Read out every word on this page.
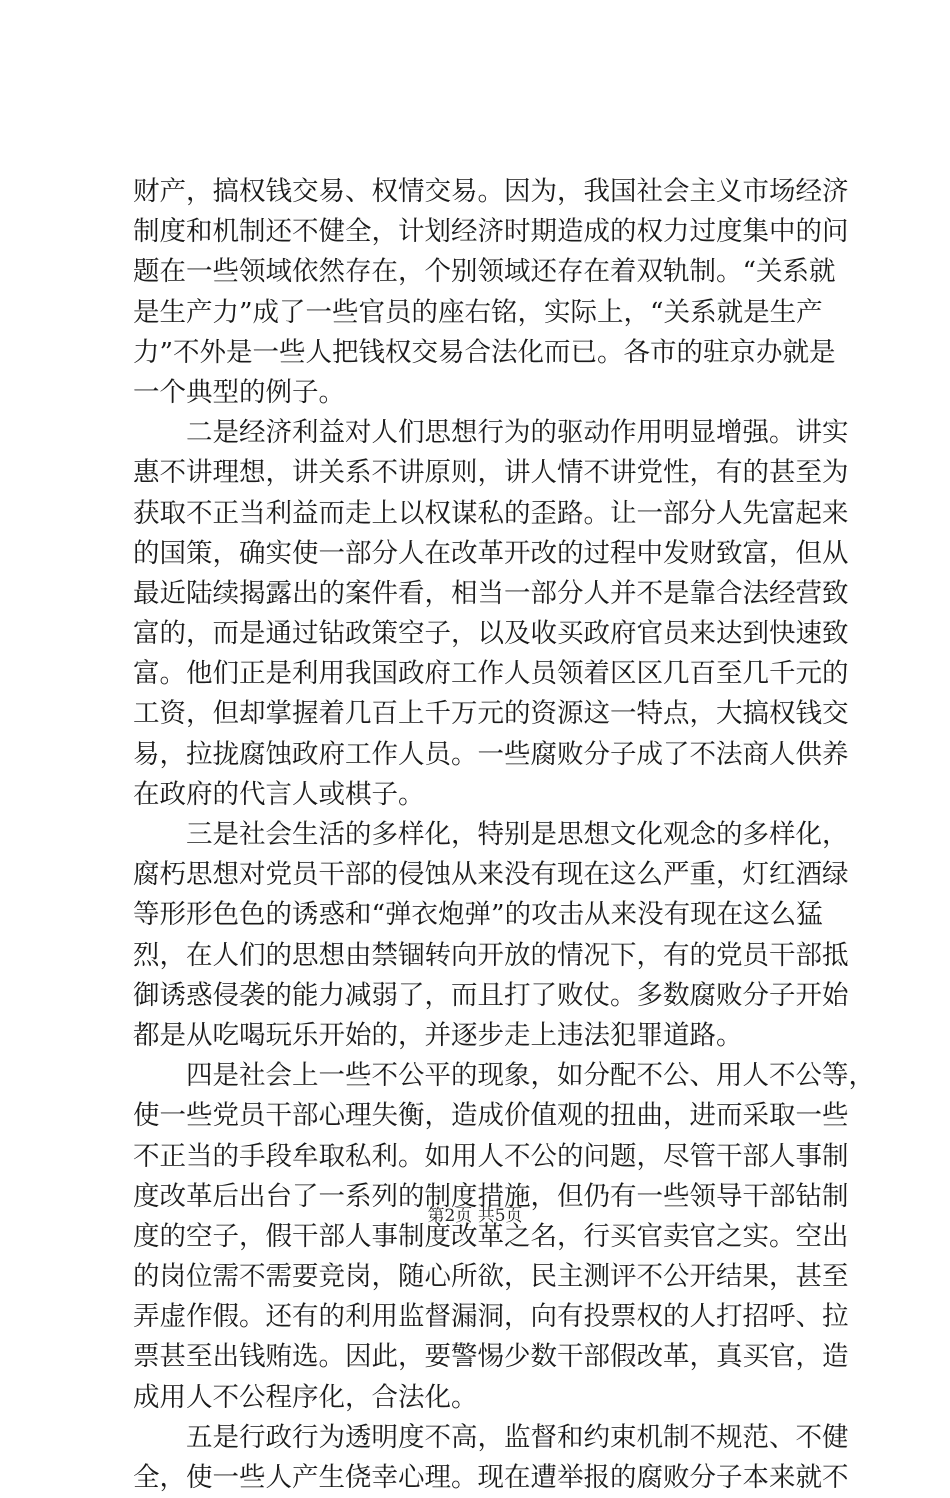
财产，搞权钱交易、权情交易。因为，我国社会主义市场经济
制度和机制还不健全，计划经济时期造成的权力过度集中的问
题在一些领域依然存在，个别领域还存在着双轨制。“关系就
是生产力”成了一些官员的座右铭，实际上，“关系就是生产
力”不外是一些人把钱权交易合法化而已。各市的驻京办就是
一个典型的例子。
　　二是经济利益对人们思想行为的驱动作用明显增强。讲实
惠不讲理想，讲关系不讲原则，讲人情不讲党性，有的甚至为
获取不正当利益而走上以权谋私的歪路。让一部分人先富起来
的国策，确实使一部分人在改革开改的过程中发财致富，但从
最近陆续揭露出的案件看，相当一部分人并不是靠合法经营致
富的，而是通过钻政策空子，以及收买政府官员来达到快速致
富。他们正是利用我国政府工作人员领着区区几百至几千元的
工资，但却掌握着几百上千万元的资源这一特点，大搞权钱交
易，拉拢腐蚀政府工作人员。一些腐败分子成了不法商人供养
在政府的代言人或棋子。
　　三是社会生活的多样化，特别是思想文化观念的多样化，
腐朽思想对党员干部的侵蚀从来没有现在这么严重，灯红酒绿
等形形色色的诱惑和“弹衣炮弹”的攻击从来没有现在这么猛
烈，在人们的思想由禁锢转向开放的情况下，有的党员干部抵
御诱惑侵袭的能力减弱了，而且打了败仗。多数腐败分子开始
都是从吃喝玩乐开始的，并逐步走上违法犯罪道路。
　　四是社会上一些不公平的现象，如分配不公、用人不公等，
使一些党员干部心理失衡，造成价值观的扭曲，进而采取一些
不正当的手段牟取私利。如用人不公的问题，尽管干部人事制
度改革后出台了一系列的制度措施，但仍有一些领导干部钻制
度的空子，假干部人事制度改革之名，行买官卖官之实。空出
的岗位需不需要竞岗，随心所欲，民主测评不公开结果，甚至
弄虚作假。还有的利用监督漏洞，向有投票权的人打招呼、拉
票甚至出钱贿选。因此，要警惕少数干部假改革，真买官，造
成用人不公程序化，合法化。
　　五是行政行为透明度不高，监督和约束机制不规范、不健
全，使一些人产生侥幸心理。现在遭举报的腐败分子本来就不
第2页 共5页
